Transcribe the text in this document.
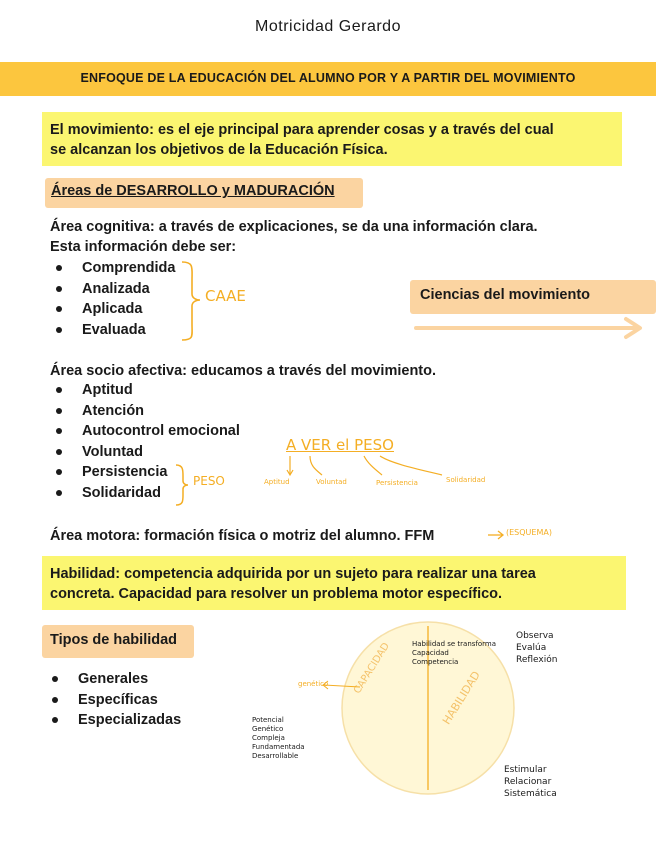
Motricidad Gerardo
ENFOQUE DE LA EDUCACIÓN DEL ALUMNO POR Y A PARTIR DEL MOVIMIENTO
El movimiento: es el eje principal para aprender cosas y a través del cual
se alcanzan los objetivos de la Educación Física.
Áreas de DESARROLLO y MADURACIÓN
Área cognitiva: a través de explicaciones, se da una información clara.
Esta información debe ser:
Comprendida
Analizada
Aplicada
Evaluada
CAAE	Ciencias del movimiento
Área socio afectiva: educamos a través del movimiento.
Aptitud
Atención
Autocontrol emocional
Voluntad
Persistencia
Solidaridad
PESO
A VER el PESO
Aptitud	Voluntad	Persistencia	Solidaridad
Área motora: formación física o motriz del alumno. FFM	(ESQUEMA)
Habilidad: competencia adquirida por un sujeto para realizar una tarea
concreta. Capacidad para resolver un problema motor específico.
Tipos de habilidad
Generales
Específicas
Especializadas
CAPACIDAD
HABILIDAD
genético
Habilidad se transforma
Capacidad
Competencia
Potencial
Genético
Compleja
Fundamentada
Desarrollable
Observa
Evalúa
Reflexión
Estimular
Relacionar
Sistemática
